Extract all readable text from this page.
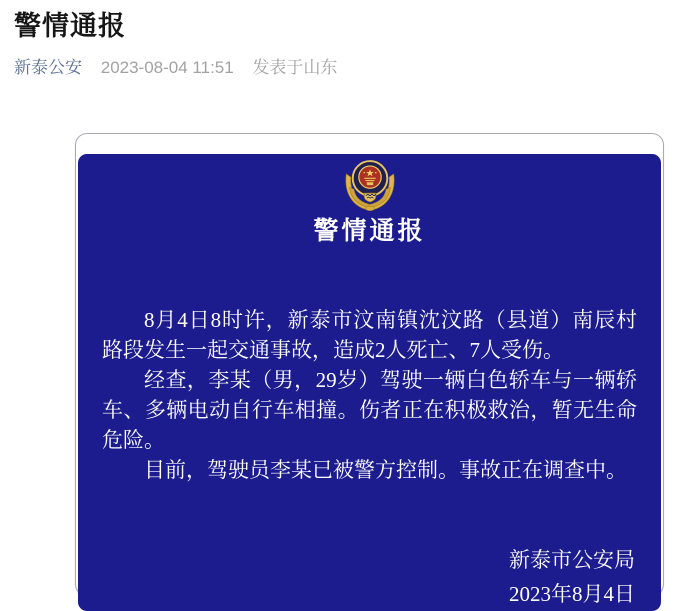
警情通报
新泰公安 2023-08-04 11:51 发表于山东
警情通报

8月4日8时许，新泰市汶南镇沈汶路（县道）南辰村路段发生一起交通事故，造成2人死亡、7人受伤。

经查，李某（男，29岁）驾驶一辆白色轿车与一辆轿车、多辆电动自行车相撞。伤者正在积极救治，暂无生命危险。

目前，驾驶员李某已被警方控制。事故正在调查中。

新泰市公安局
2023年8月4日
